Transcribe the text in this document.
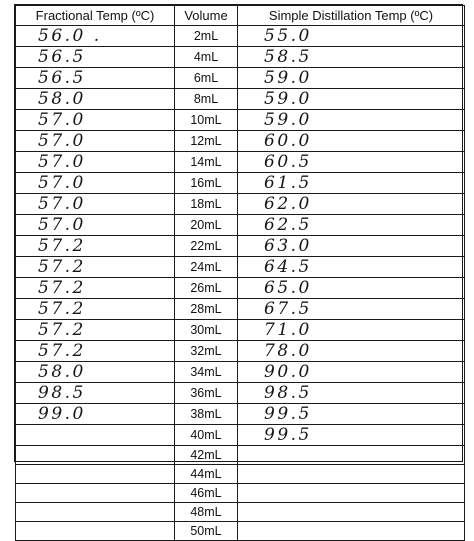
Fractional Temp (ºC)	Volume	Simple Distillation Temp (ºC)
56.0 .	2mL	55.0
56.5	4mL	58.5
56.5	6mL	59.0
58.0	8mL	59.0
57.0	10mL	59.0
57.0	12mL	60.0
57.0	14mL	60.5
57.0	16mL	61.5
57.0	18mL	62.0
57.0	20mL	62.5
57.2	22mL	63.0
57.2	24mL	64.5
57.2	26mL	65.0
57.2	28mL	67.5
57.2	30mL	71.0
57.2	32mL	78.0
58.0	34mL	90.0
98.5	36mL	98.5
99.0	38mL	99.5
	40mL	99.5
	42mL	
	44mL	
	46mL	
	48mL	
	50mL	
